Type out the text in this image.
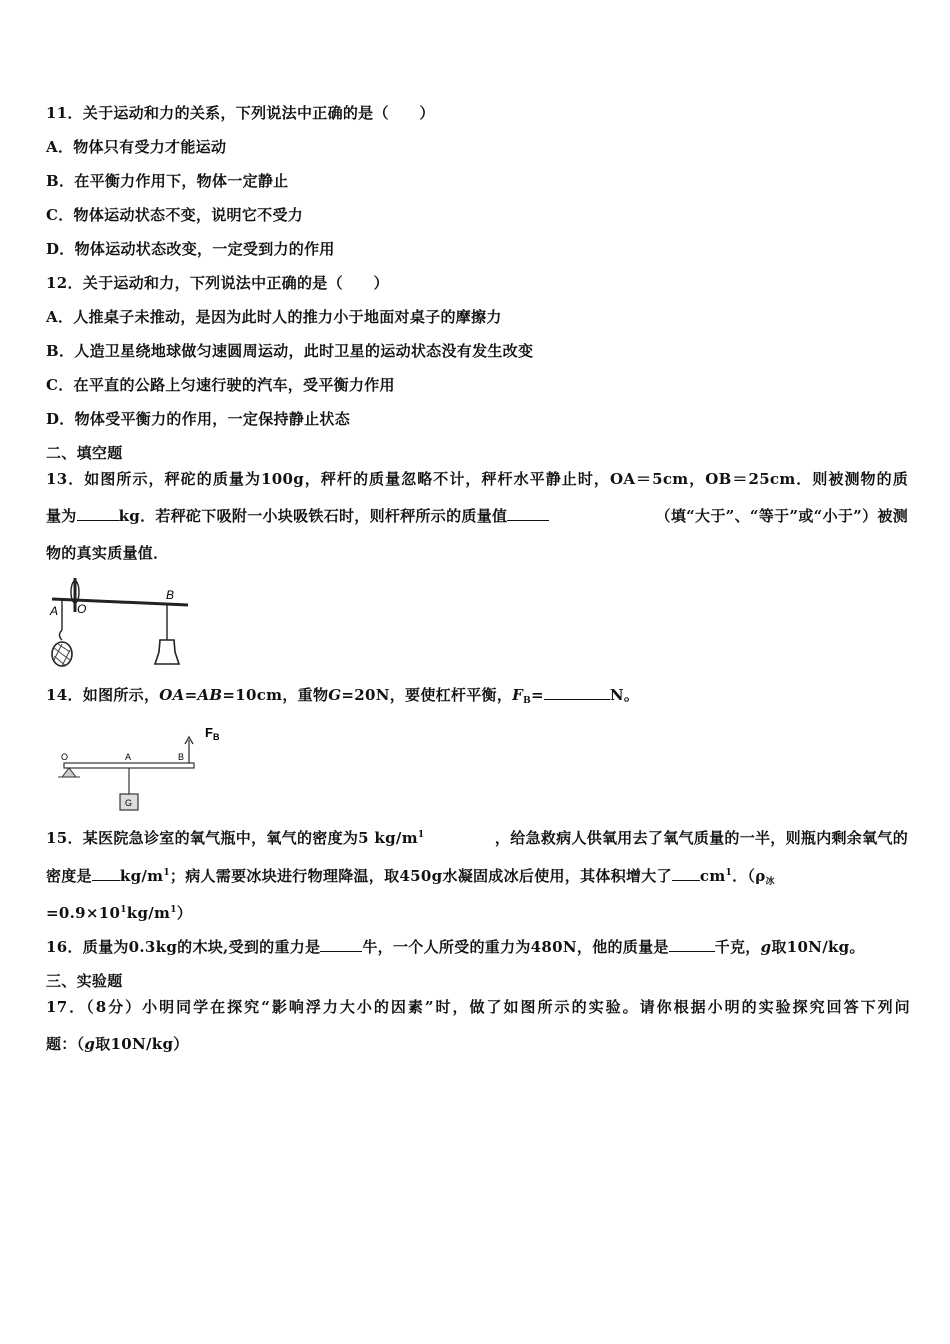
11．关于运动和力的关系，下列说法中正确的是（　　）
A．物体只有受力才能运动
B．在平衡力作用下，物体一定静止
C．物体运动状态不变，说明它不受力
D．物体运动状态改变，一定受到力的作用
12．关于运动和力，下列说法中正确的是（　　）
A．人推桌子未推动，是因为此时人的推力小于地面对桌子的摩擦力
B．人造卫星绕地球做匀速圆周运动，此时卫星的运动状态没有发生改变
C．在平直的公路上匀速行驶的汽车，受平衡力作用
D．物体受平衡力的作用，一定保持静止状态
二、填空题
13．如图所示，秤砣的质量为100g，秤杆的质量忽略不计，秤杆水平静止时，OA＝5cm，OB＝25cm．则被测物的质
量为	kg．若秤砣下吸附一小块吸铁石时，则杆秤所示的质量值	（填“大于”、“等于”或“小于”）被测
物的真实质量值．
A O
B
14．如图所示，OA=AB=10cm，重物G=20N，要使杠杆平衡，$F_B=$	N。
O	A	B
G
$F_B$
15．某医院急诊室的氧气瓶中，氧气的密度为5 $kg/m^1$	，给急救病人供氧用去了氧气质量的一半，则瓶内剩余氧气的
密度是 $kg/m^1$；病人需要冰块进行物理降温，取450g水凝固成冰后使用，其体积增大了 $cm^1$．（$\rho_冰$
$=0.9\times 10^1kg/m^1$）
16．质量为0.3kg的木块,受到的重力是	牛，一个人所受的重力为480N，他的质量是	千克，g取10N/kg。
三、实验题
17．（8分）小明同学在探究“影响浮力大小的因素”时，做了如图所示的实验。请你根据小明的实验探究回答下列问
题：（g取10N/kg）
